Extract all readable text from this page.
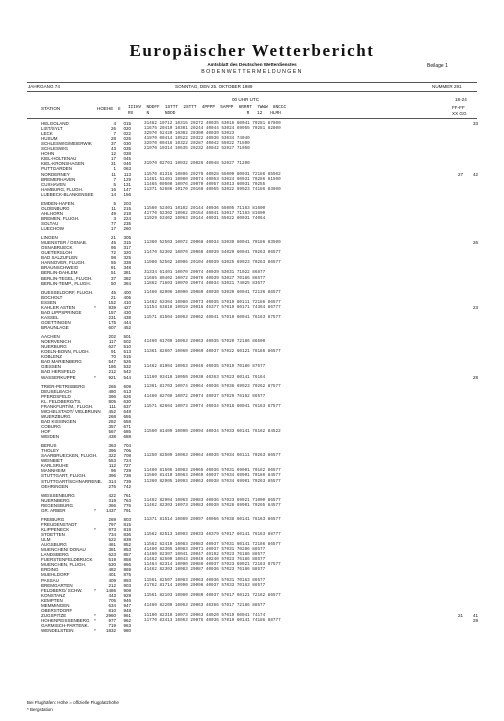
Europäischer Wetterbericht
Amtsblatt des Deutschen Wetterdienstes	Beilage 1
BODENWETTERMELDUNGEN
JAHRGANG 74	SONNTAG, DEN 25. OKTOBER 1989	NUMMER 291
00 UHR UTC	18-24
STATION	HOEHE II IIIHV  NDDFF  1STTT  2STTT  4PPPP  5APPP  6RRRT  7WWW  8NCCC
RX     N      NDDD                           R   12   HLMH
FF-FF
XX GG
HELGOLAND	4	015	31482 10712 10315 20272 40035 53016 60041 70281 87800	33
LIST/SYLT	26	020	11675 20419 10301 20244 40044 53024 69955 70281 82800
LECK	7	022	32970 52420 10302 20300 40039 53023
HUSUM	28	026	41970 00414 10522 20322 40036 53034 74040
SCHLESWIG/MEIERWIK	37	030	32970 00416 10322 20287 40042 55022 71500
SCHLESWIG	43	035	21970 10314 10635 20232 40042 52027 71050
HOHN	12	038
KIEL-HOLTENAU	17	045
KIEL-KRONSHAGEN	31	046	31970 02701 10032 20026 40048 52027 71200
PUTTGARDEN	1	063
NORDERNEY	11	113	11570 81316 10896 20279 40028 55009 60031 72186 85502	27	42
BREMERHAVEN	7	129	11461 51401 10080 20074 40053 53024 60031 70286 81500
CUXHAVEN	5	131	11465 00500 10076 20070 40057 53013 60031 70255
HAMBURG, FLUGH.	16	147	11371 52606 10170 20168 40055 53022 69923 74186 83600
LUEBECK-BLANKENSEE	14	156
EMDEN-HAFEN	5	203
OLDENBURG	11	215	11560 52401 10102 20144 40036 55005 71163 81600
AHLHORN	49	218	41770 52302 10062 20154 40041 53017 71163 81600
BREMEN, FLUGH.	3	224	11929 53402 10063 20144 40031 55022 60031 74064
SOLTAU	77	235
LUECHOW	17	260
LINGEN	21	305
MUENSTER / OSNAB.	45	315	11360 52503 10072 20068 40034 53030 60041 70186 83500	26
OSNABRUECK	95	317
GUETERSLOH	72	320	11470 52302 10070 20066 40039 54029 60041 70263 86577
BAD SALZUFLEN	98	325
HANNOVER, FLUGH.	55	338	11980 52502 10096 20104 40039 53025 69923 70263 86577
BRAUNSCHWEIG	81	348
BERLIN-DAHLEM	51	381	31334 61401 10070 20074 40039 53031 71022 86877
BERLIN-TEGEL, FLUGH.	37	382	11665 80402 10072 20076 40039 53027 70186 86577
BERLIN-TEMP., FLUGH.	50	384	11862 71603 10070 20074 40034 53021 74025 83577
DUESSELDORF, FLUGH.	45	400	11460 82906 10090 20080 40030 53020 60041 72136 86577
BOCHOLT	21	406
ESSEN	152	410	11462 63304 10080 20073 40035 57019 60111 72186 86577
KAHLER ASTEN	839	427	11154 63810 10019 20016 45377 57019 60171 74364 86777	23
*
BAD LIPPSPRINGE	157	430
KASSEL	231	438	11571 81504 10063 20062 40041 57019 60041 76163 87577
GOETTINGEN	175	444
BRAUNLAGE	607	452
AACHEN	202	501
NOERVENICH	117	502	41460 61709 10063 20063 40035 57020 72186 86500
NUERBURG	627	510
KOELN-BONN, FLUGH.	91	513	11361 82607 10060 20060 40037 57022 60121 76186 86577
KOBLENZ	70	515
BAD MARIENBERG	547	526
GIESSEN	186	532	11462 81904 10053 20046 40035 57019 70186 87577
BAD HERSFELD	212	542
WASSERKUPPE	921	544	11160 93410 10050 20030 40363 57023 60141 76164	28
*
TRIER-PETRISBERG	265	609	11361 81703 10074 20064 40036 57038 69923 70262 87577
DEUSELBACH	480	613
PFERDSFELD	396	626	41460 82708 10072 20074 40037 57029 76162 86577
KL. FELDBERG/TS.	805	630
FRANKFURT/M., FLUGH.	111	637	11571 82604 10073 20074 40034 57018 60041 76163 87577
MICHELSTADT/ VIELBRUNN	452	648
WUERZBURG	268	655
BAD KISSINGEN	282	658
COBURG	357	671
HOF	567	685	11560 81409 10090 20094 40034 57033 60141 76162 84522
WEIDEN	438	688
BERUS	363	704
THOLEY	396	706
SAARBRUECKEN, FLUGH.	322	708	11250 82509 10063 20064 40035 57034 60111 70263 86577
WEINBIET	553	724
KARLSRUHE	112	727
MANNHEIM	96	729	11460 81506 10083 20065 40036 57031 69901 70162 86577
STUTTGART, FLUGH.	396	738	11560 81410 10063 20069 40037 57034 69901 70186 84577
STUTTGART/SCHNARRENB.	314	739	11360 82905 10093 20063 40038 57034 69901 70263 85577
OEHRINGEN	276	742
WEISSENBURG	422	761
NUERNBERG	319	763	11462 82904 10063 20083 40036 57023 69921 71000 86577
REGENSBURG	366	776	11462 82303 10073 20083 40039 57028 69901 70265 84577
GR. ARBER	1437	791
*
FREIBURG	269	803	11371 81514 10089 20097 40066 57038 60141 76163 86577
FREUDENSTADT	797	815
KLIPPENECK	973	818
*
STOETTEN	734	836	11562 82513 10093 20033 40379 57017 60141 76163 88777
ULM	522	838
AUGSBURG	461	852	11562 82410 10083 20083 40037 57031 60141 72186 86577
MUENCHEN/ DONAU	381	853	41460 82305 10083 20071 40037 57031 70286 88577
LANDSBERG	623	857	41460 82307 10041 20047 40192 57023 76186 88577
FUERSTENFELDBRUCK	519	858	41462 82509 10043 20046 40240 57023 76186 88577
MUENCHEN, FLUGH.	530	866	11464 82314 10090 20086 40037 57023 69921 72163 87577
ERDING	482	869	41462 82303 10083 20087 40036 57023 76186 88577
MUEHLDORF	401	875
PASSAU	409	893	11561 82507 10083 20063 40036 57031 70163 86577
BREMGARTEN	212	903	41762 81714 10090 20096 40037 57033 70163 86577
FELDBERG/ SCHW.	1486	908
*
KONSTANZ	443	929	11561 82103 10080 20080 40037 57017 60121 72162 86577
KEMPTEN	705	946
MEMMINGEN	634	947	41460 82209 10063 20063 40366 57017 72186 88577
OBERSTDORF	810	948
ZUGSPITZE	2960	961	11100 82310 10073 20063 48020 57019 60041 74174	21	41
*
HOHENPEISSENBERG	977	962	11770 83413 10063 20076 40036 57019 60141 74186 88777	29
*
GARMISCH-PARTENK.	719	963
WENDELSTEIN	1832	980
*
Bei Flughäfen: Höhe = offizielle Flugplatzhöhe
* Bergstation
